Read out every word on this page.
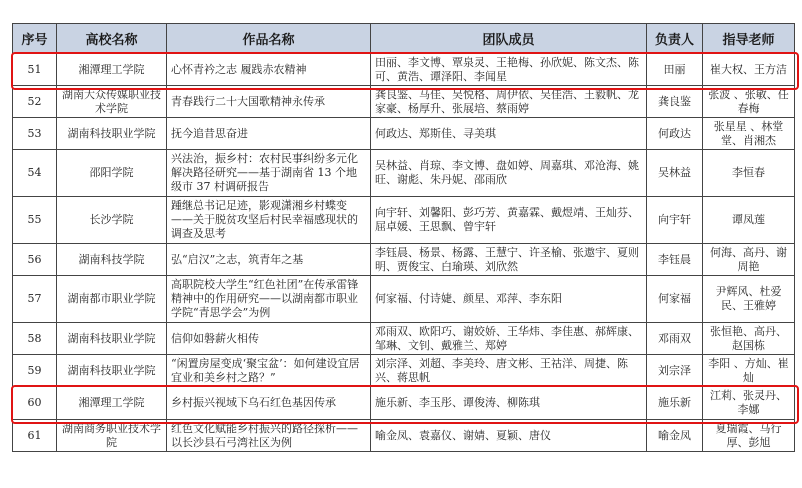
序号	高校名称	作品名称	团队成员	负责人	指导老师
51	湘潭理工学院	心怀青衿之志 履践赤农精神	田丽、李文博、覃泉灵、王艳梅、孙欣妮、陈文杰、陈可、黄浩、谭泽阳、李闻星	田丽	崔大权、王方洁
52	湖南大众传媒职业技术学院	青春践行二十大国歌精神永传承	龚良鉴、马佳、吴悦格、周伊依、吴佳浩、王毅帆、龙家豪、杨厚升、张展培、蔡雨婷	龚良鉴	张波 、张敏、任春梅
53	湖南科技职业学院	抚今追昔思奋进	何政达、郑斯佳、寻美琪	何政达	张星星 、林堂堂、肖湘杰
54	邵阳学院	兴法治，振乡村：农村民事纠纷多元化解决路径研究——基于湖南省 13 个地级市 37 村调研报告	吴林益、肖琼、李文博、盘如婷、周嘉琪、邓沧海、姚旺、谢彪、朱丹妮、邵雨欣	吴林益	李恒春
55	长沙学院	踵继总书记足迹，影观潇湘乡村蝶变——关于脱贫攻坚后村民幸福感现状的调查及思考	向宇轩、刘馨阳、彭巧芳、黄嘉霖、戴煜靖、王灿芬、屈卓媛、王思飘、曾宇轩	向宇轩	谭凤莲
56	湖南科技学院	弘“启汉”之志，筑青年之基	李钰晨、杨景、杨露、王慧宁、许圣榆、张遨宇、夏则明、贾俊宝、白瑜瑛、刘欣然	李钰晨	何海、高丹、谢周艳
57	湖南都市职业学院	高职院校大学生“红色社团”在传承雷锋精神中的作用研究——以湖南都市职业学院“青思学会”为例	何家福、付诗婕、颜星、邓萍、李东阳	何家福	尹辉风、杜爱民、王雅婷
58	湖南科技职业学院	信仰如磐薪火相传	邓雨双、欧阳巧、谢姣娇、王华炜、李佳惠、郝辉康、邹琳、文钊、戴雅兰、郑婷	邓雨双	张恒艳、高丹、赵国栋
59	湖南科技职业学院	“闲置房屋变成‘聚宝盆’：如何建设宜居宜业和美乡村之路？”	刘宗泽、刘超、李美玲、唐文彬、王祜洋、周捷、陈兴、蒋思帆	刘宗泽	李阳 、方灿、崔灿
60	湘潭理工学院	乡村振兴视域下乌石红色基因传承	施乐新、李玉彤、谭俊涛、柳陈琪	施乐新	江莉、张灵丹、李娜
61	湖南商务职业技术学院	红色文化赋能乡村振兴的路径探析——以长沙县石弓湾社区为例	喻金凤、袁嘉仪、谢婧、夏颖、唐仪	喻金凤	夏瑞霞、马行厚、彭旭
